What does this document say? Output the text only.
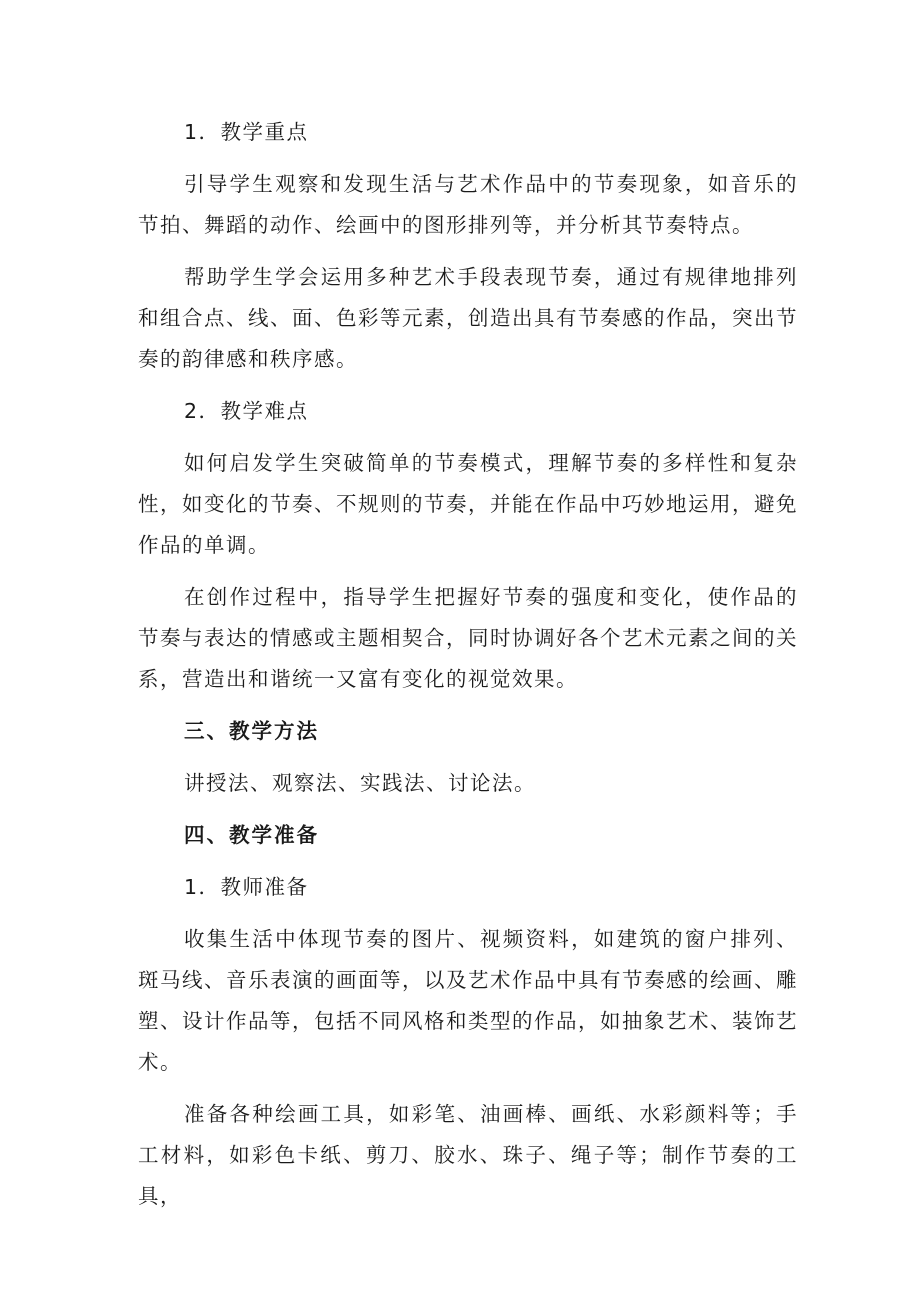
1．教学重点

引导学生观察和发现生活与艺术作品中的节奏现象，如音乐的节拍、舞蹈的动作、绘画中的图形排列等，并分析其节奏特点。

帮助学生学会运用多种艺术手段表现节奏，通过有规律地排列和组合点、线、面、色彩等元素，创造出具有节奏感的作品，突出节奏的韵律感和秩序感。

2．教学难点

如何启发学生突破简单的节奏模式，理解节奏的多样性和复杂性，如变化的节奏、不规则的节奏，并能在作品中巧妙地运用，避免作品的单调。

在创作过程中，指导学生把握好节奏的强度和变化，使作品的节奏与表达的情感或主题相契合，同时协调好各个艺术元素之间的关系，营造出和谐统一又富有变化的视觉效果。

三、教学方法

讲授法、观察法、实践法、讨论法。

四、教学准备

1．教师准备

收集生活中体现节奏的图片、视频资料，如建筑的窗户排列、斑马线、音乐表演的画面等，以及艺术作品中具有节奏感的绘画、雕塑、设计作品等，包括不同风格和类型的作品，如抽象艺术、装饰艺术。

准备各种绘画工具，如彩笔、油画棒、画纸、水彩颜料等；手工材料，如彩色卡纸、剪刀、胶水、珠子、绳子等；制作节奏的工具，
